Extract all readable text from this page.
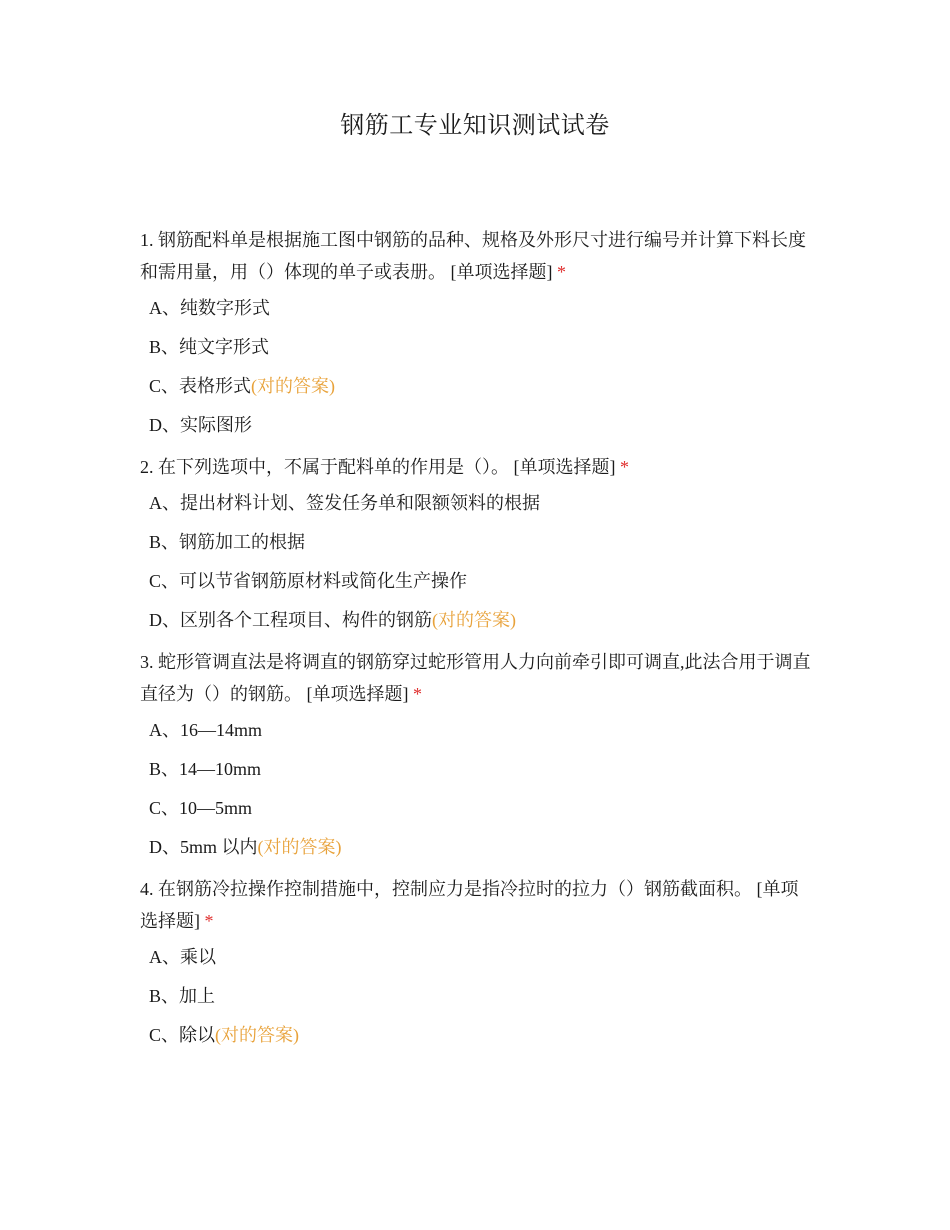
钢筋工专业知识测试试卷
1. 钢筋配料单是根据施工图中钢筋的品种、规格及外形尺寸进行编号并计算下料长度和需用量，用（）体现的单子或表册。 [单项选择题] *
A、纯数字形式
B、纯文字形式
C、表格形式(对的答案)
D、实际图形
2. 在下列选项中，不属于配料单的作用是（）。 [单项选择题] *
A、提出材料计划、签发任务单和限额领料的根据
B、钢筋加工的根据
C、可以节省钢筋原材料或简化生产操作
D、区别各个工程项目、构件的钢筋(对的答案)
3. 蛇形管调直法是将调直的钢筋穿过蛇形管用人力向前牵引即可调直,此法合用于调直直径为（）的钢筋。 [单项选择题] *
A、16—14mm
B、14—10mm
C、10—5mm
D、5mm 以内(对的答案)
4. 在钢筋冷拉操作控制措施中，控制应力是指冷拉时的拉力（）钢筋截面积。 [单项选择题] *
A、乘以
B、加上
C、除以(对的答案)
